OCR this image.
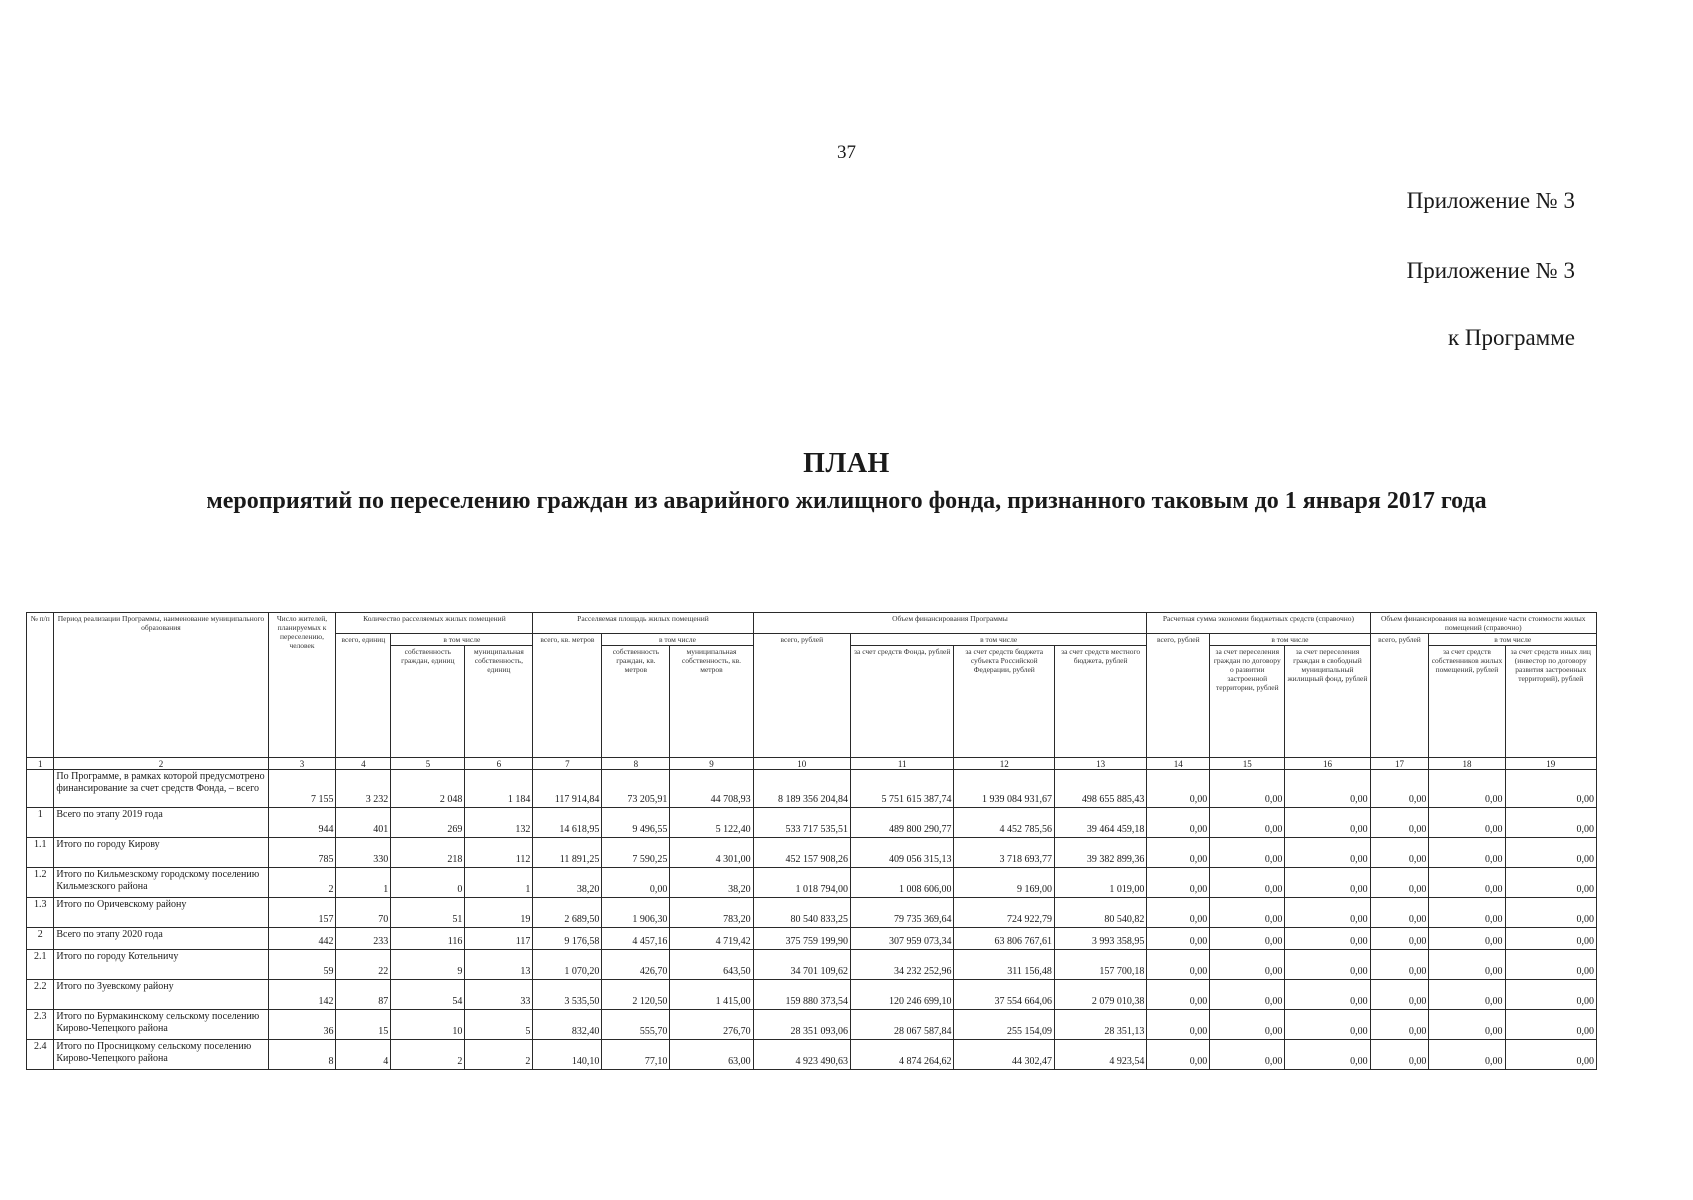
37
Приложение № 3
Приложение № 3
к Программе
ПЛАН
мероприятий по переселению граждан из аварийного жилищного фонда, признанного таковым до 1 января 2017 года
№ п/п	Период реализации Программы, наименование муниципального образования	Число жителей, планируемых к переселению, человек	Количество расселяемых жилых помещений			Расселяемая площадь жилых помещений			Объем финансирования Программы				Расчетная сумма экономии бюджетных средств (справочно)			Объем финансирования на возмещение части стоимости жилых помещений (справочно)		
			всего, единиц	в том числе		всего, кв. метров	в том числе		всего, рублей	в том числе			всего, рублей	в том числе		всего, рублей	в том числе	
				собственность граждан, единиц	муниципальная собственность, единиц		собственность граждан, кв. метров	муниципальная собственность, кв. метров		за счет средств Фонда, рублей	за счет средств бюджета субъекта Российской Федерации, рублей	за счет средств местного бюджета, рублей		за счет переселения граждан по договору о развитии застроенной территории, рублей	за счет переселения граждан в свободный муниципальный жилищный фонд, рублей		за счет средств собственников жилых помещений, рублей	за счет средств иных лиц (инвестор по договору развития застроенных территорий), рублей
1	2	3	4	5	6	7	8	9	10	11	12	13	14	15	16	17	18	19
	По Программе, в рамках которой предусмотрено финансирование за счет средств Фонда, – всего	7 155	3 232	2 048	1 184	117 914,84	73 205,91	44 708,93	8 189 356 204,84	5 751 615 387,74	1 939 084 931,67	498 655 885,43	0,00	0,00	0,00	0,00	0,00	0,00
1	Всего по этапу 2019 года	944	401	269	132	14 618,95	9 496,55	5 122,40	533 717 535,51	489 800 290,77	4 452 785,56	39 464 459,18	0,00	0,00	0,00	0,00	0,00	0,00
1.1	Итого по городу Кирову	785	330	218	112	11 891,25	7 590,25	4 301,00	452 157 908,26	409 056 315,13	3 718 693,77	39 382 899,36	0,00	0,00	0,00	0,00	0,00	0,00
1.2	Итого по Кильмезскому городскому поселению Кильмезского района	2	1	0	1	38,20	0,00	38,20	1 018 794,00	1 008 606,00	9 169,00	1 019,00	0,00	0,00	0,00	0,00	0,00	0,00
1.3	Итого по Оричевскому району	157	70	51	19	2 689,50	1 906,30	783,20	80 540 833,25	79 735 369,64	724 922,79	80 540,82	0,00	0,00	0,00	0,00	0,00	0,00
2	Всего по этапу 2020 года	442	233	116	117	9 176,58	4 457,16	4 719,42	375 759 199,90	307 959 073,34	63 806 767,61	3 993 358,95	0,00	0,00	0,00	0,00	0,00	0,00
2.1	Итого по городу Котельничу	59	22	9	13	1 070,20	426,70	643,50	34 701 109,62	34 232 252,96	311 156,48	157 700,18	0,00	0,00	0,00	0,00	0,00	0,00
2.2	Итого по Зуевскому району	142	87	54	33	3 535,50	2 120,50	1 415,00	159 880 373,54	120 246 699,10	37 554 664,06	2 079 010,38	0,00	0,00	0,00	0,00	0,00	0,00
2.3	Итого по Бурмакинскому сельскому поселению Кирово-Чепецкого района	36	15	10	5	832,40	555,70	276,70	28 351 093,06	28 067 587,84	255 154,09	28 351,13	0,00	0,00	0,00	0,00	0,00	0,00
2.4	Итого по Просницкому сельскому поселению Кирово-Чепецкого района	8	4	2	2	140,10	77,10	63,00	4 923 490,63	4 874 264,62	44 302,47	4 923,54	0,00	0,00	0,00	0,00	0,00	0,00
